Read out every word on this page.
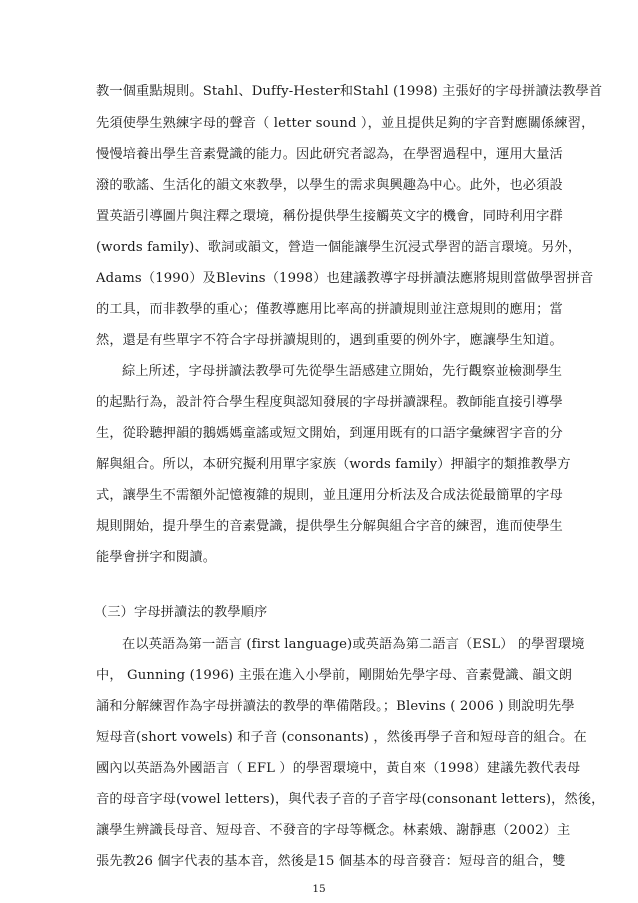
教一個重點規則。Stahl、Duffy-Hester和Stahl (1998) 主張好的字母拼讀法教學首
先須使學生熟練字母的聲音（ letter sound ），並且提供足夠的字音對應關係練習，
慢慢培養出學生音素覺識的能力。因此研究者認為，在學習過程中，運用大量活
潑的歌謠、生活化的韻文來教學，以學生的需求與興趣為中心。此外，也必須設
置英語引導圖片與注釋之環境，稱份提供學生接觸英文字的機會，同時利用字群
(words family)、歌詞或韻文，營造一個能讓學生沉浸式學習的語言環境。另外，
Adams（1990）及Blevins（1998）也建議教導字母拼讀法應將規則當做學習拼音
的工具，而非教學的重心；僅教導應用比率高的拼讀規則並注意規則的應用；當
然，還是有些單字不符合字母拼讀規則的，遇到重要的例外字，應讓學生知道。
綜上所述，字母拼讀法教學可先從學生語感建立開始，先行觀察並檢測學生
的起點行為，設計符合學生程度與認知發展的字母拼讀課程。教師能直接引導學
生，從聆聽押韻的鵝媽媽童謠或短文開始，到運用既有的口語字彙練習字音的分
解與組合。所以，本研究擬利用單字家族（words family）押韻字的類推教學方
式，讓學生不需額外記憶複雜的規則，並且運用分析法及合成法從最簡單的字母
規則開始，提升學生的音素覺識，提供學生分解與組合字音的練習，進而使學生
能學會拼字和閱讀。
（三）字母拼讀法的教學順序
在以英語為第一語言 (first language)或英語為第二語言（ESL） 的學習環境
中， Gunning (1996) 主張在進入小學前，剛開始先學字母、音素覺識、韻文朗
誦和分解練習作為字母拼讀法的教學的準備階段。；Blevins ( 2006 ) 則說明先學
短母音(short vowels) 和子音 (consonants) ，然後再學子音和短母音的組合。在
國內以英語為外國語言（ EFL ）的學習環境中，黃自來（1998）建議先教代表母
音的母音字母(vowel letters)，與代表子音的子音字母(consonant letters)，然後，
讓學生辨識長母音、短母音、不發音的字母等概念。林素娥、謝靜惠（2002）主
張先教26 個字代表的基本音，然後是15 個基本的母音發音：短母音的組合，雙
15
